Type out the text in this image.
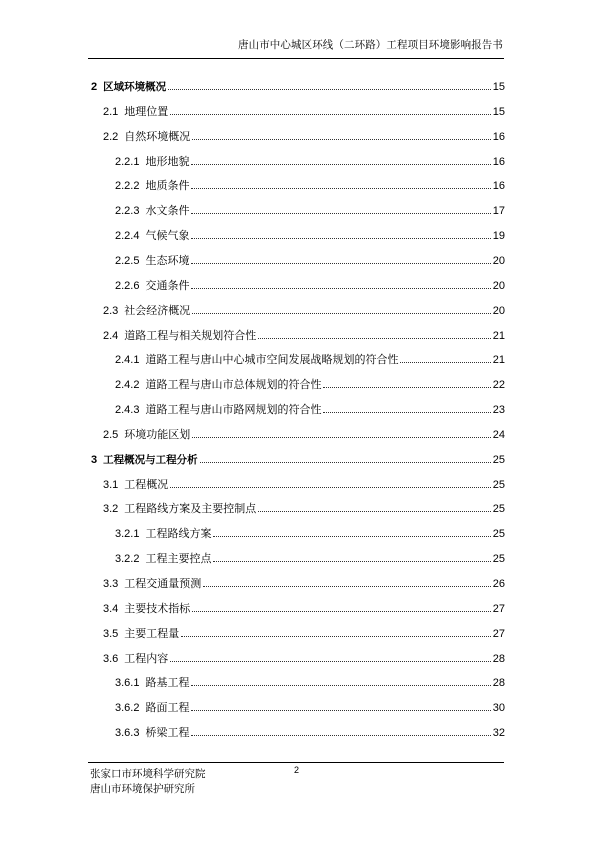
唐山市中心城区环线（二环路）工程项目环境影响报告书
2 区域环境概况	15
2.1 地理位置	15
2.2 自然环境概况	16
2.2.1 地形地貌	16
2.2.2 地质条件	16
2.2.3 水文条件	17
2.2.4 气候气象	19
2.2.5 生态环境	20
2.2.6 交通条件	20
2.3 社会经济概况	20
2.4 道路工程与相关规划符合性	21
2.4.1 道路工程与唐山中心城市空间发展战略规划的符合性	21
2.4.2 道路工程与唐山市总体规划的符合性	22
2.4.3 道路工程与唐山市路网规划的符合性	23
2.5 环境功能区划	24
3 工程概况与工程分析	25
3.1 工程概况	25
3.2 工程路线方案及主要控制点	25
3.2.1 工程路线方案	25
3.2.2 工程主要控点	25
3.3 工程交通量预测	26
3.4 主要技术指标	27
3.5 主要工程量	27
3.6 工程内容	28
3.6.1 路基工程	28
3.6.2 路面工程	30
3.6.3 桥梁工程	32
张家口市环境科学研究院
唐山市环境保护研究所
2
